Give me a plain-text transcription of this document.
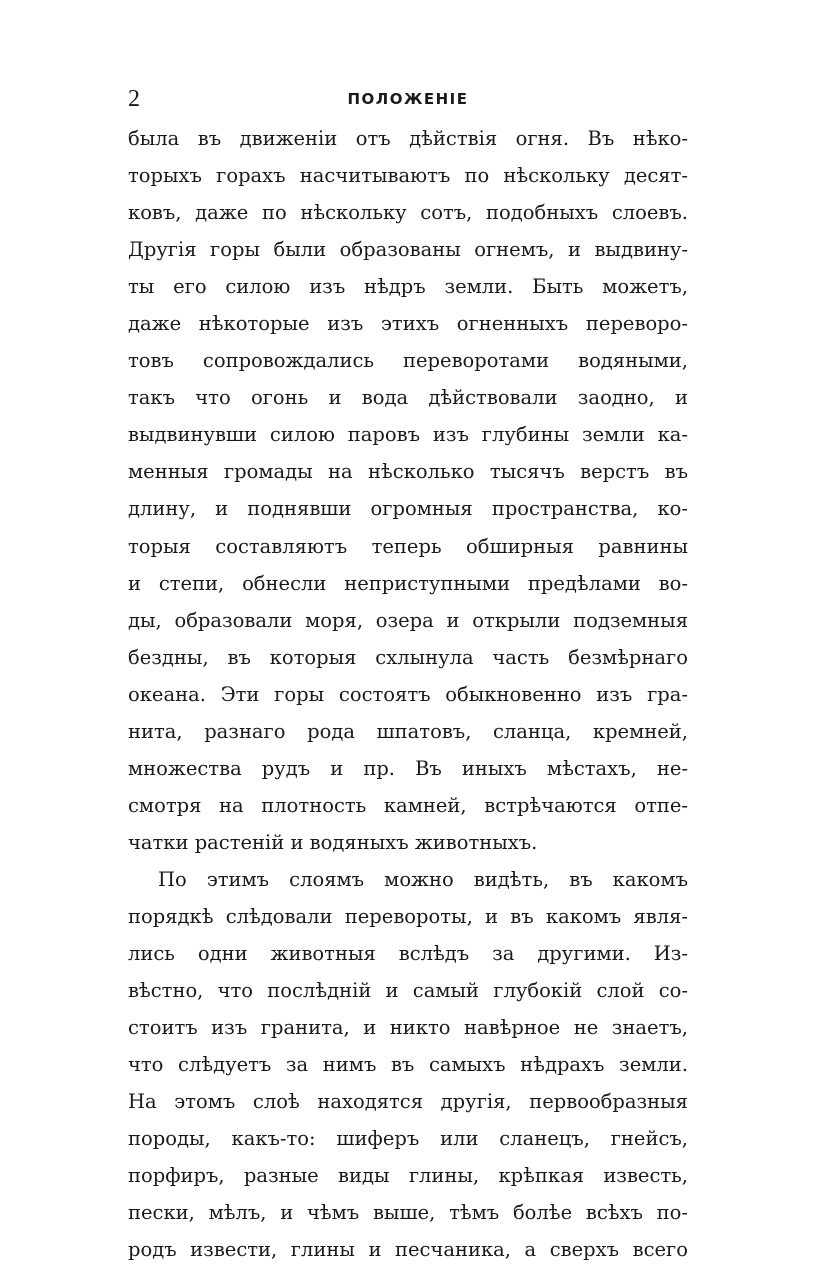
2	ПОЛОЖЕНIЕ
была въ движенiи отъ дѣйствiя огня. Въ нѣко-
торыхъ горахъ насчитываютъ по нѣскольку десят-
ковъ, даже по нѣскольку сотъ, подобныхъ слоевъ.
Другiя горы были образованы огнемъ, и выдвину-
ты его силою изъ нѣдръ земли. Быть можетъ,
даже нѣкоторые изъ этихъ огненныхъ переворо-
товъ сопровождались переворотами водяными,
такъ что огонь и вода дѣйствовали заодно, и
выдвинувши силою паровъ изъ глубины земли ка-
менныя громады на нѣсколько тысячъ верстъ въ
длину, и поднявши огромныя пространства, ко-
торыя составляютъ теперь обширныя равнины
и степи, обнесли неприступными предѣлами во-
ды, образовали моря, озера и открыли подземныя
бездны, въ которыя схлынула часть безмѣрнаго
океана. Эти горы состоятъ обыкновенно изъ гра-
нита, разнаго рода шпатовъ, сланца, кремней,
множества рудъ и пр. Въ иныхъ мѣстахъ, не-
смотря на плотность камней, встрѣчаются отпе-
чатки растенiй и водяныхъ животныхъ.
По этимъ слоямъ можно видѣть, въ какомъ
порядкѣ слѣдовали перевороты, и въ какомъ явля-
лись одни животныя вслѣдъ за другими. Из-
вѣстно, что послѣднiй и самый глубокiй слой со-
стоитъ изъ гранита, и никто навѣрное не знаетъ,
что слѣдуетъ за нимъ въ самыхъ нѣдрахъ земли.
На этомъ слоѣ находятся другiя, первообразныя
породы, какъ-то: шиферъ или сланецъ, гнейсъ,
порфиръ, разные виды глины, крѣпкая известь,
пески, мѣлъ, и чѣмъ выше, тѣмъ болѣе всѣхъ по-
родъ извести, глины и песчаника, а сверхъ всего
